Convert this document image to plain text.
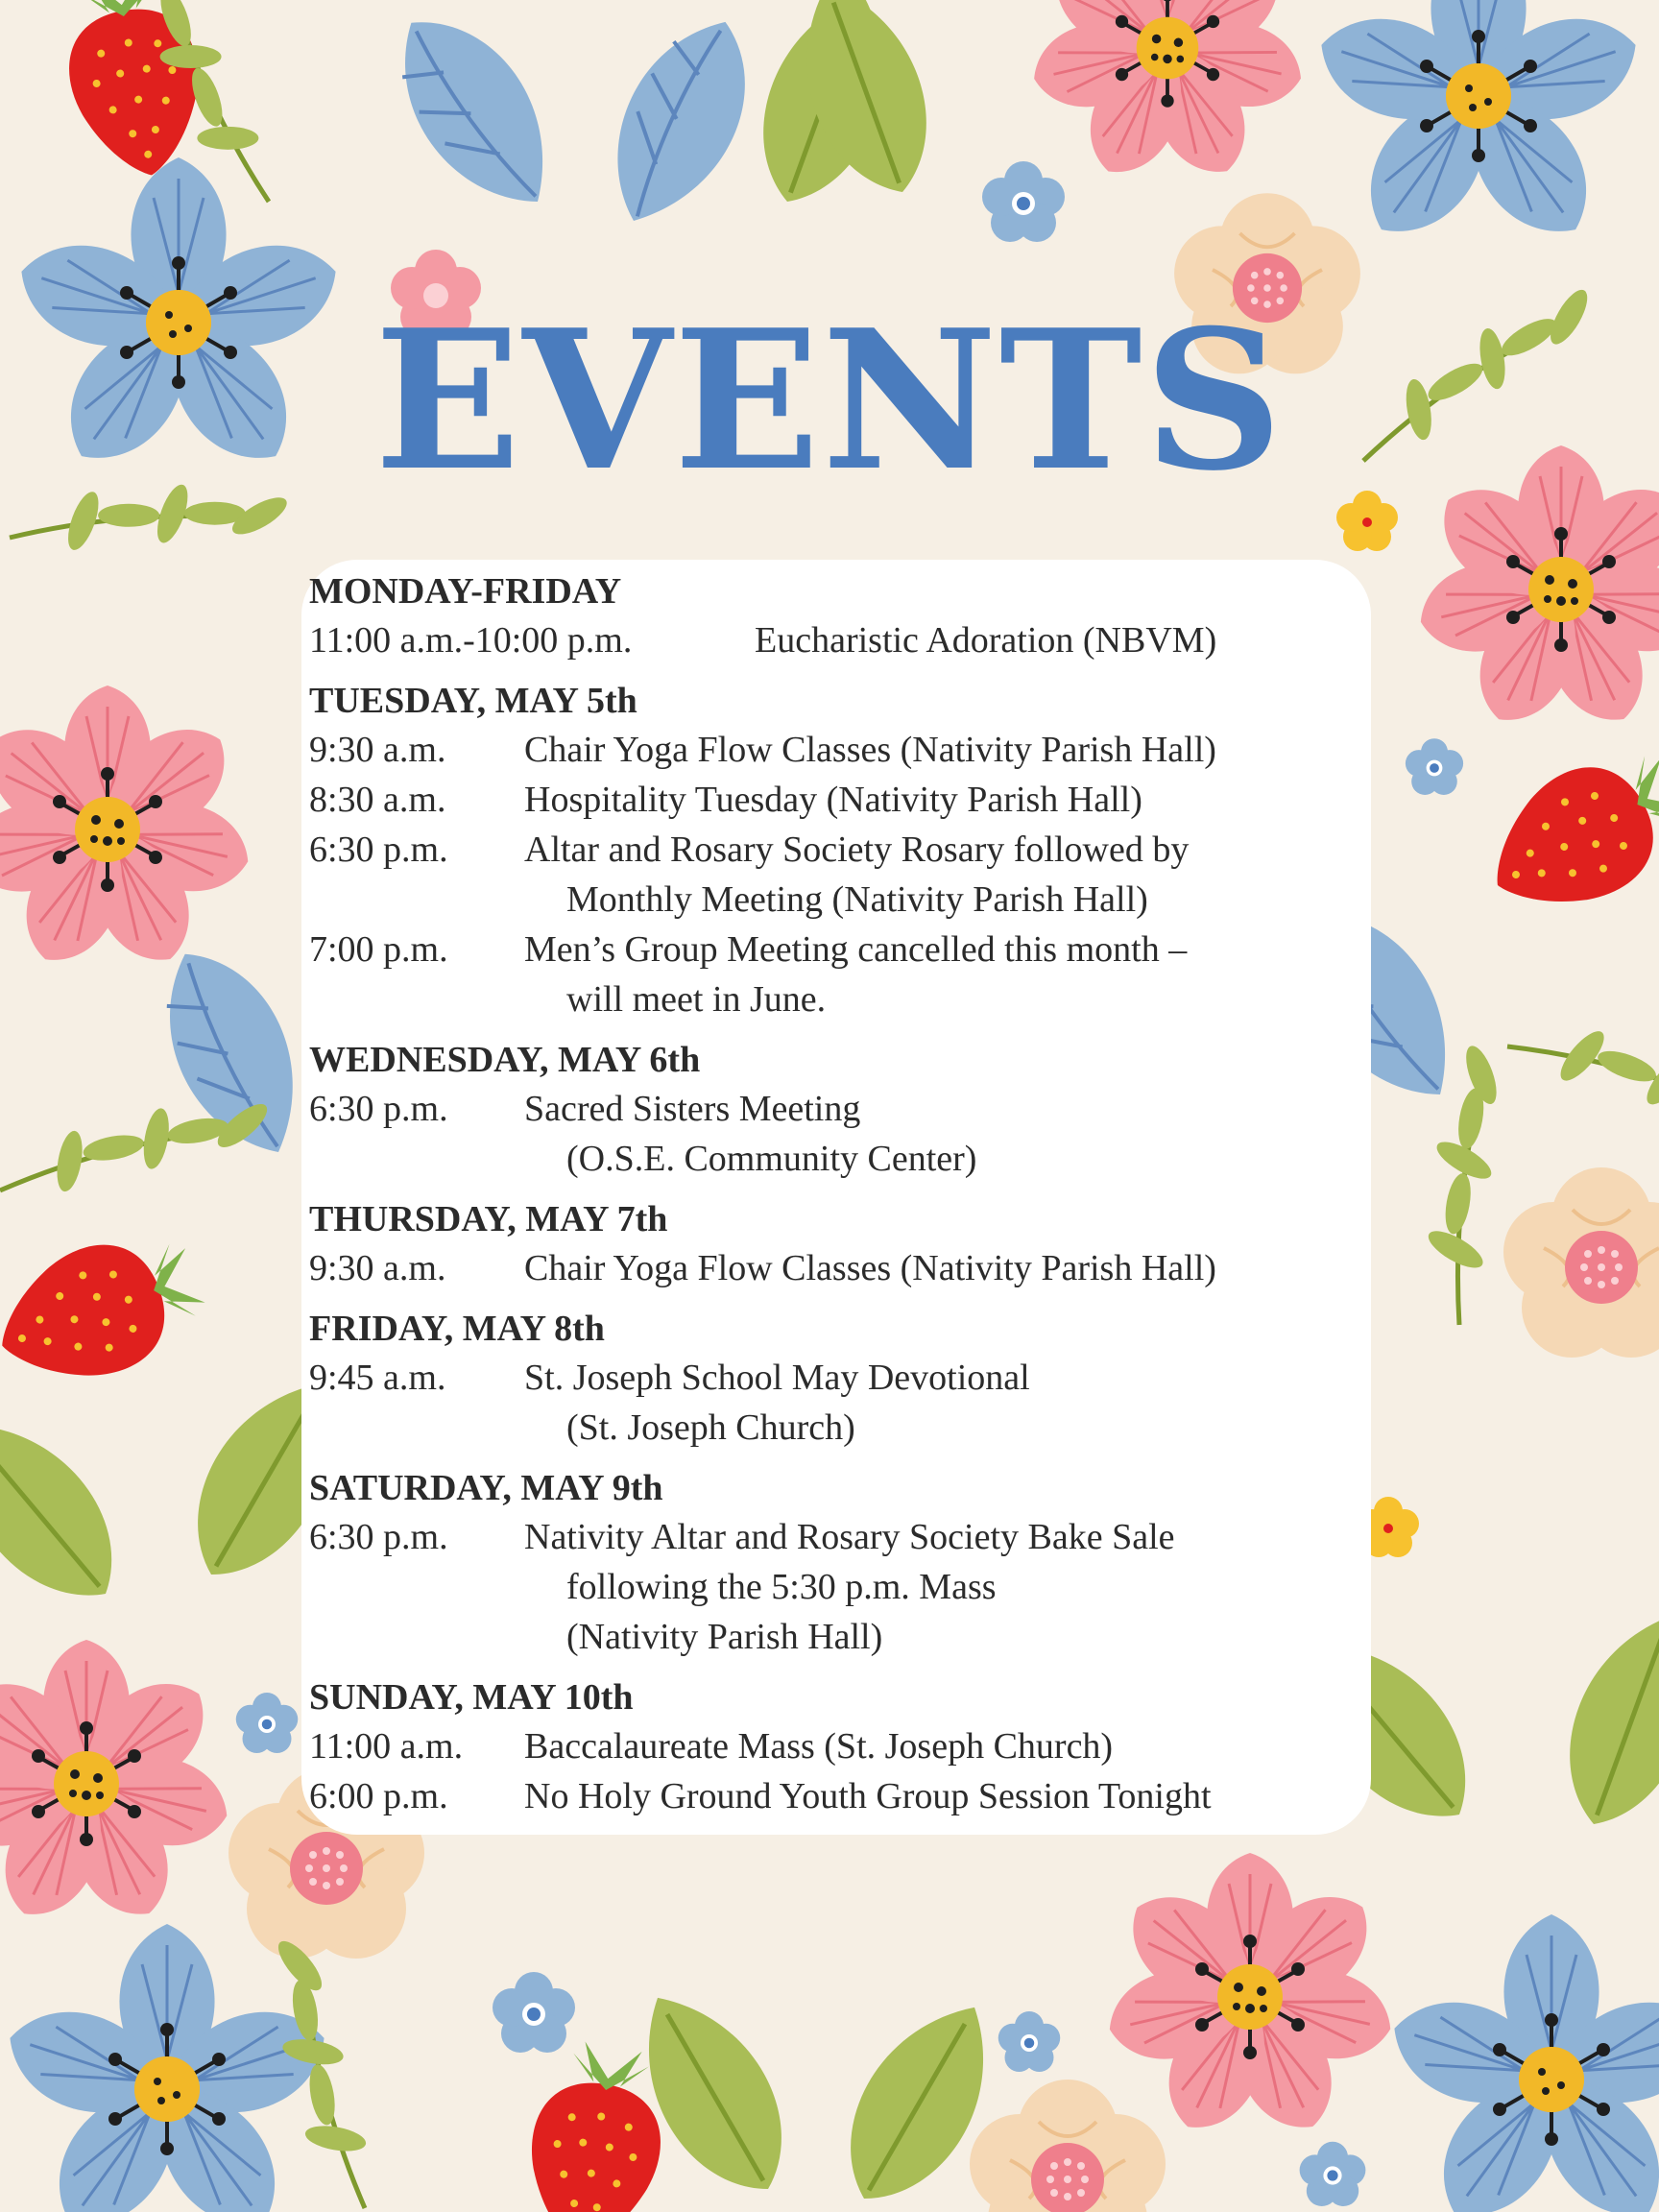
EVENTS
MONDAY-FRIDAY
11:00 a.m.-10:00 p.m.	Eucharistic Adoration (NBVM)
TUESDAY, MAY 5th
9:30 a.m.	Chair Yoga Flow Classes (Nativity Parish Hall)
8:30 a.m.	Hospitality Tuesday (Nativity Parish Hall)
6:30 p.m.	Altar and Rosary Society Rosary followed by
Monthly Meeting (Nativity Parish Hall)
7:00 p.m.	Men’s Group Meeting cancelled this month –
will meet in June.
WEDNESDAY, MAY 6th
6:30 p.m.	Sacred Sisters Meeting
(O.S.E. Community Center)
THURSDAY, MAY 7th
9:30 a.m.	Chair Yoga Flow Classes (Nativity Parish Hall)
FRIDAY, MAY 8th
9:45 a.m.	St. Joseph School May Devotional
(St. Joseph Church)
SATURDAY, MAY 9th
6:30 p.m.	Nativity Altar and Rosary Society Bake Sale
following the 5:30 p.m. Mass
(Nativity Parish Hall)
SUNDAY, MAY 10th
11:00 a.m.	Baccalaureate Mass (St. Joseph Church)
6:00 p.m.	No Holy Ground Youth Group Session Tonight
